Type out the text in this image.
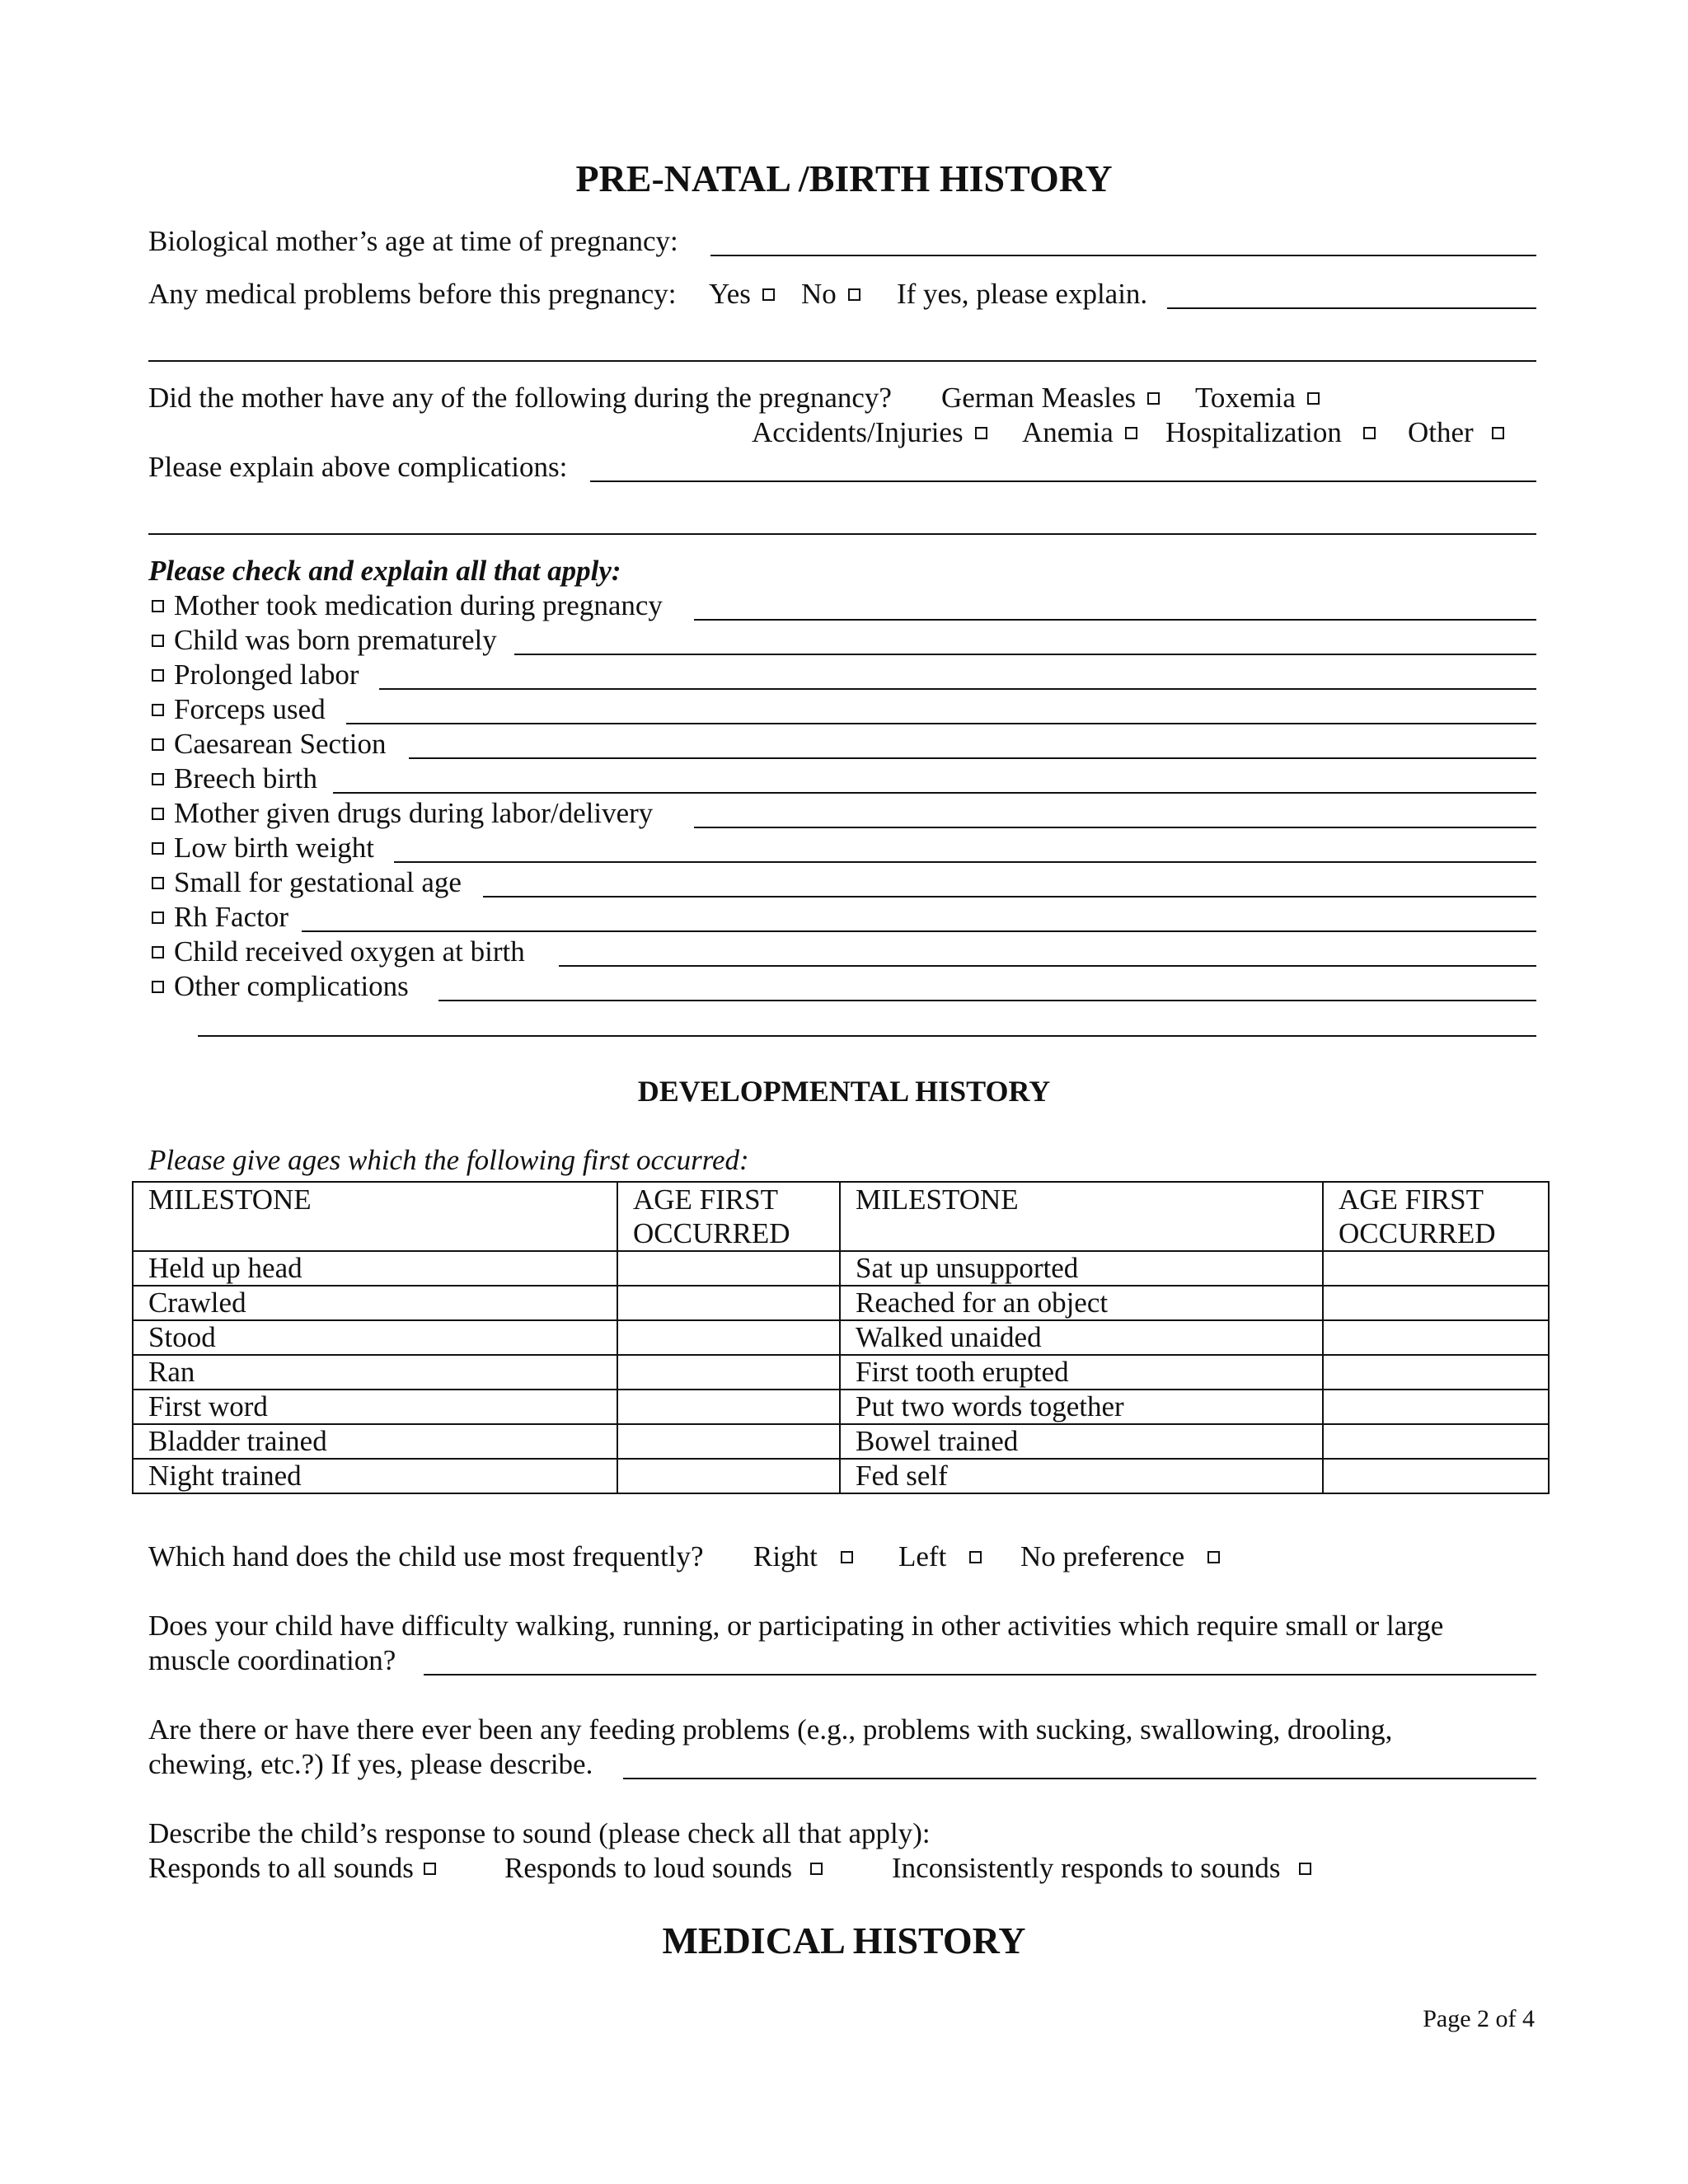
PRE-NATAL /BIRTH HISTORY
Biological mother’s age at time of pregnancy:
Any medical problems before this pregnancy: Yes No If yes, please explain.
Did the mother have any of the following during the pregnancy? German Measles Toxemia
Accidents/Injuries Anemia Hospitalization Other
Please explain above complications:
Please check and explain all that apply:
Mother took medication during pregnancy
Child was born prematurely
Prolonged labor
Forceps used
Caesarean Section
Breech birth
Mother given drugs during labor/delivery
Low birth weight
Small for gestational age
Rh Factor
Child received oxygen at birth
Other complications
DEVELOPMENTAL HISTORY
Please give ages which the following first occurred:
MILESTONE	AGE FIRST OCCURRED	MILESTONE	AGE FIRST OCCURRED

Held up head		Sat up unsupported	
Crawled		Reached for an object	
Stood		Walked unaided	
Ran		First tooth erupted	
First word		Put two words together	
Bladder trained		Bowel trained	
Night trained		Fed self	
Which hand does the child use most frequently? Right	Left	No preference
Does your child have difficulty walking, running, or participating in other activities which require small or large
muscle coordination?
Are there or have there ever been any feeding problems (e.g., problems with sucking, swallowing, drooling,
chewing, etc.?) If yes, please describe.
Describe the child’s response to sound (please check all that apply):
Responds to all sounds	Responds to loud sounds	Inconsistently responds to sounds
MEDICAL HISTORY
Page 2 of 4
